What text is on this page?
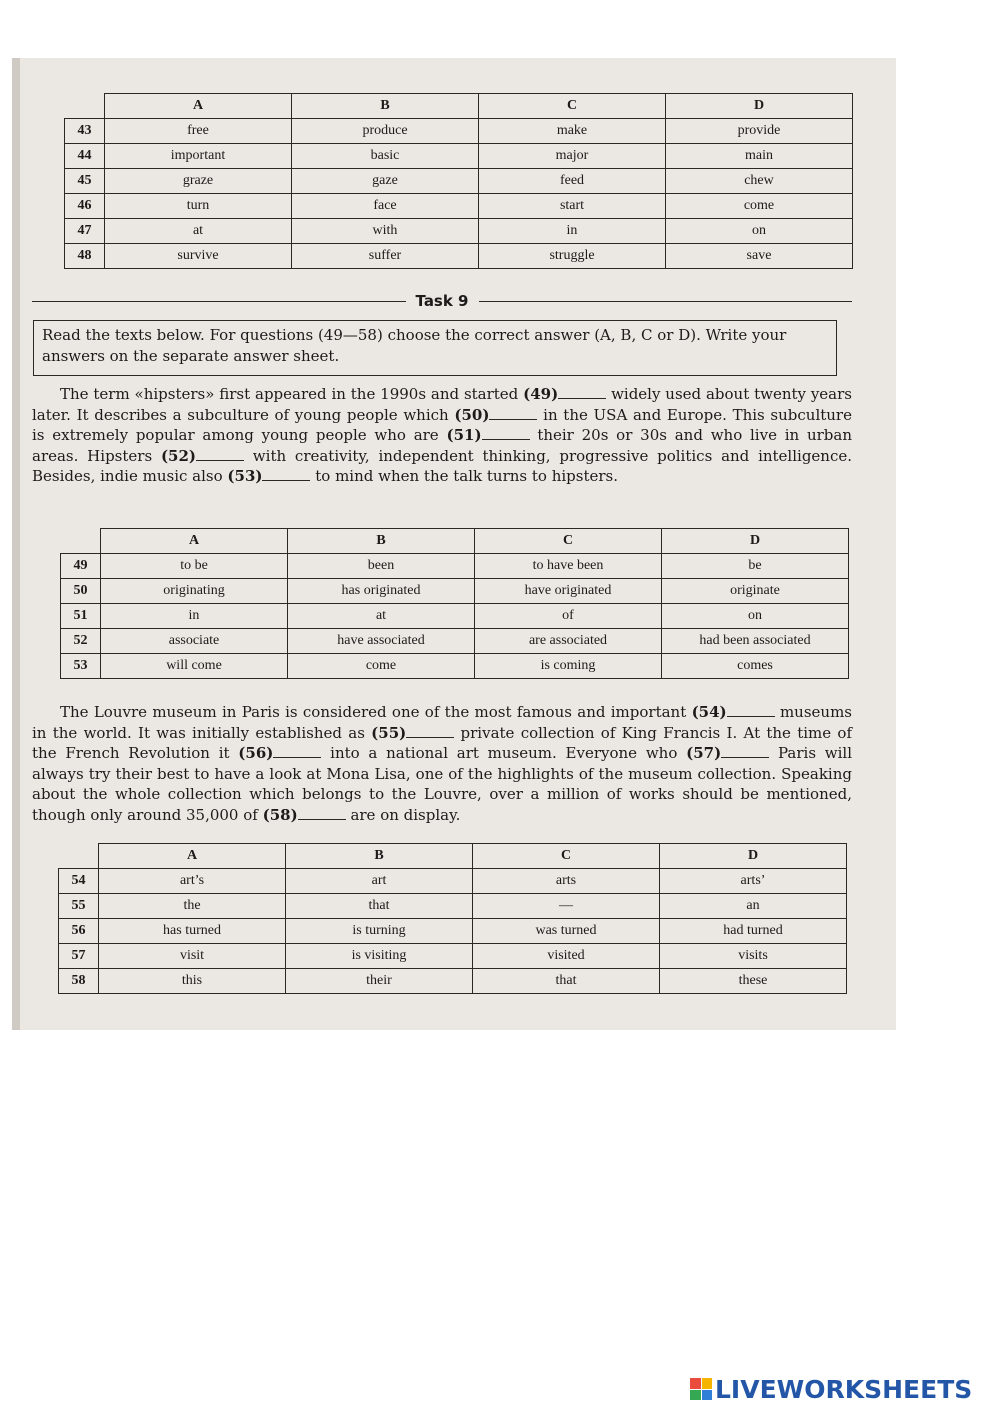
	A	B	C	D
43	free	produce	make	provide
44	important	basic	major	main
45	graze	gaze	feed	chew
46	turn	face	start	come
47	at	with	in	on
48	survive	suffer	struggle	save
Task 9
Read the texts below. For questions (49—58) choose the correct answer (A, B, C or D). Write your answers on the separate answer sheet.
The term «hipsters» first appeared in the 1990s and started (49)	widely used about twenty years later. It describes a subculture of young people which (50)	in the USA and Europe. This subculture is extremely popular among young people who are (51)	their 20s or 30s and who live in urban areas. Hipsters (52)	with creativity, independent thinking, progressive politics and intelligence. Besides, indie music also (53)	to mind when the talk turns to hipsters.
	A	B	C	D
49	to be	been	to have been	be
50	originating	has originated	have originated	originate
51	in	at	of	on
52	associate	have associated	are associated	had been associated
53	will come	come	is coming	comes
The Louvre museum in Paris is considered one of the most famous and important (54)	museums in the world. It was initially established as (55)	private collection of King Francis I. At the time of the French Revolution it (56)	into a national art museum. Everyone who (57)	Paris will always try their best to have a look at Mona Lisa, one of the highlights of the museum collection. Speaking about the whole collection which belongs to the Louvre, over a million of works should be mentioned, though only around 35,000 of (58)	are on display.
	A	B	C	D
54	art’s	art	arts	arts’
55	the	that	—	an
56	has turned	is turning	was turned	had turned
57	visit	is visiting	visited	visits
58	this	their	that	these
LIVEWORKSHEETS
